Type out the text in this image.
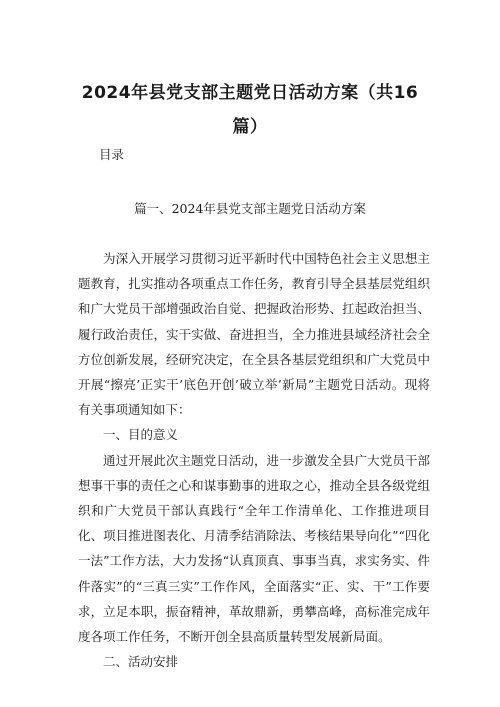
2024年县党支部主题党日活动方案（共16篇）
目录
篇一、2024年县党支部主题党日活动方案

为深入开展学习贯彻习近平新时代中国特色社会主义思想主题教育，扎实推动各项重点工作任务，教育引导全县基层党组织和广大党员干部增强政治自觉、把握政治形势、扛起政治担当、履行政治责任，实干实做、奋进担当，全力推进县域经济社会全方位创新发展，经研究决定，在全县各基层党组织和广大党员中开展“擦亮’正实干’底色开创’破立举’新局”主题党日活动。现将有关事项通知如下：

一、目的意义

通过开展此次主题党日活动，进一步激发全县广大党员干部想事干事的责任之心和谋事勤事的进取之心，推动全县各级党组织和广大党员干部认真践行“全年工作清单化、工作推进项目化、项目推进图表化、月清季结消除法、考核结果导向化”“四化一法”工作方法，大力发扬“认真顶真、事事当真，求实务实、件件落实”的“三真三实”工作作风，全面落实“正、实、干”工作要求，立足本职，振奋精神，革故鼎新，勇攀高峰，高标准完成年度各项工作任务，不断开创全县高质量转型发展新局面。

二、活动安排
